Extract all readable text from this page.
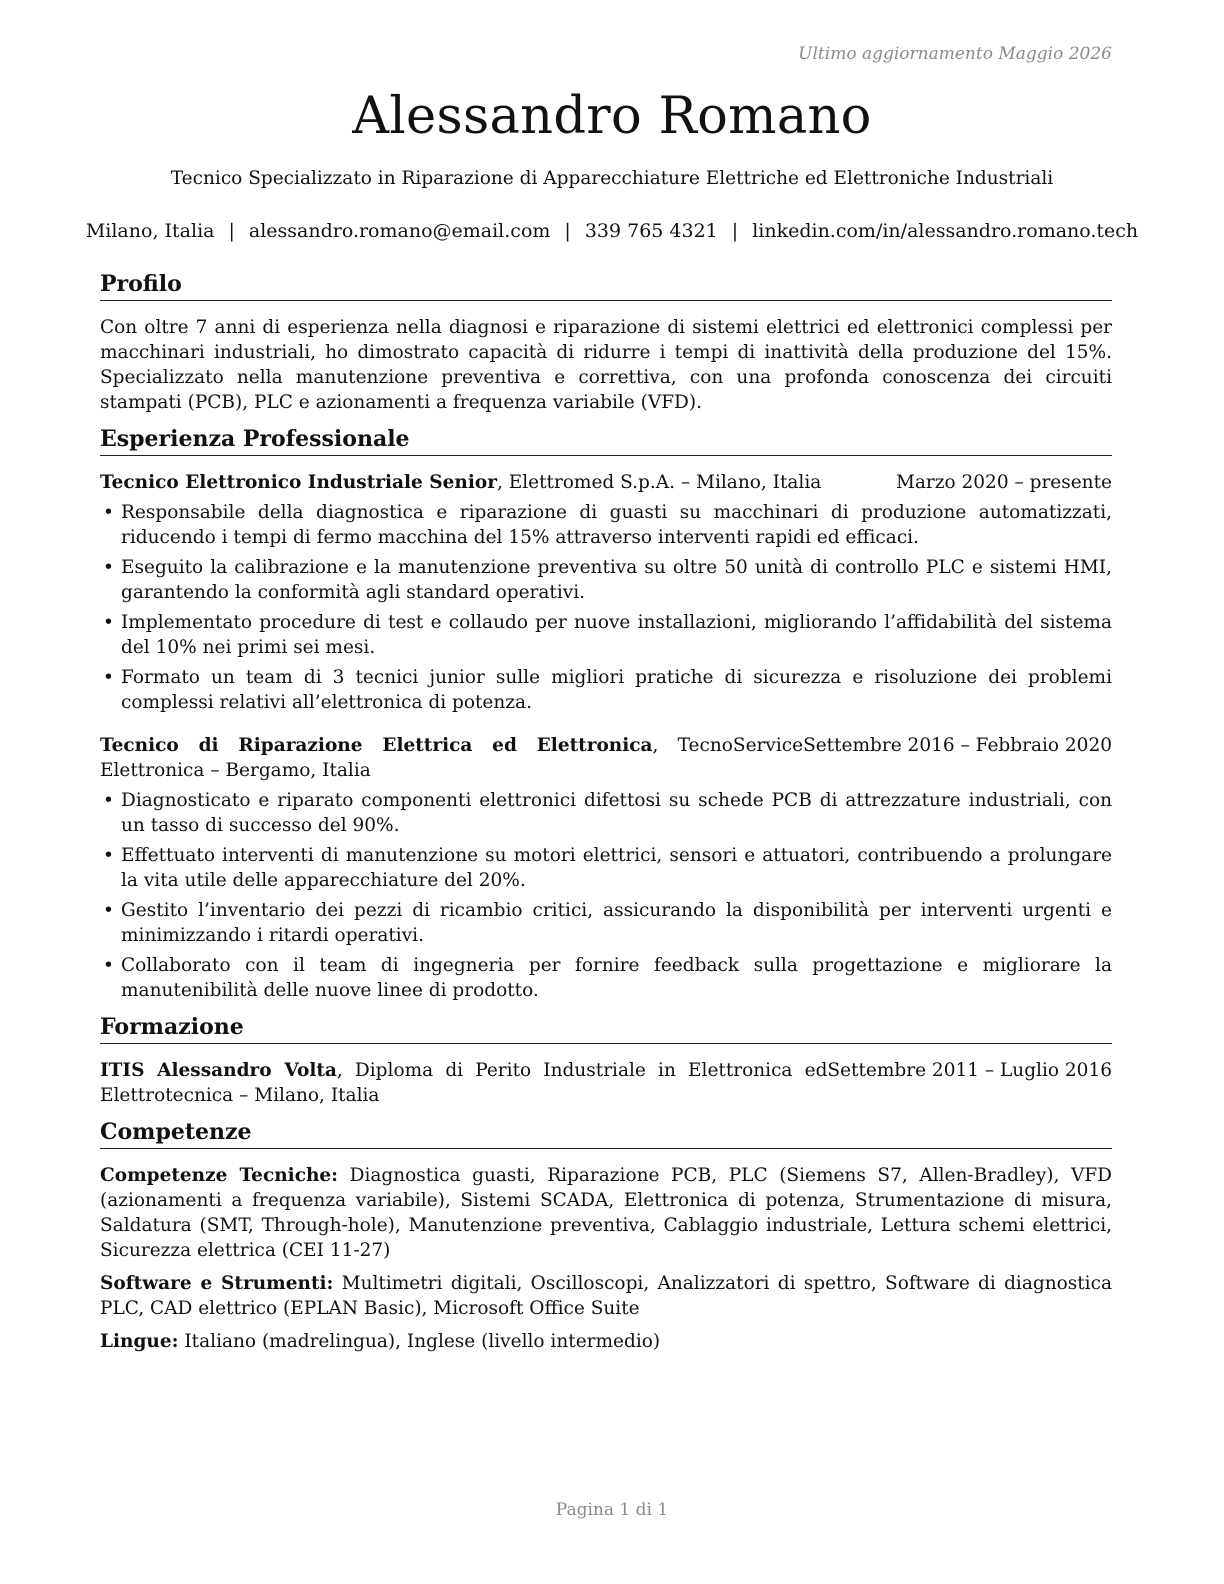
Ultimo aggiornamento Maggio 2026
Alessandro Romano
Tecnico Specializzato in Riparazione di Apparecchiature Elettriche ed Elettroniche Industriali
Milano, Italia | alessandro.romano@email.com | 339 765 4321 | linkedin.com/in/alessandro.romano.tech
Profilo

Con oltre 7 anni di esperienza nella diagnosi e riparazione di sistemi elettrici ed elettronici complessi per macchinari industriali, ho dimostrato capacità di ridurre i tempi di inattività della produzione del 15%. Specializzato nella manutenzione preventiva e correttiva, con una profonda conoscenza dei circuiti stampati (PCB), PLC e azionamenti a frequenza variabile (VFD).

Esperienza Professionale
Tecnico Elettronico Industriale Senior, Elettromed S.p.A. – Milano, Italia	Marzo 2020 – presente
• Responsabile della diagnostica e riparazione di guasti su macchinari di produzione automatizzati, riducendo i tempi di fermo macchina del 15% attraverso interventi rapidi ed efficaci.
• Eseguito la calibrazione e la manutenzione preventiva su oltre 50 unità di controllo PLC e sistemi HMI, garantendo la conformità agli standard operativi.
• Implementato procedure di test e collaudo per nuove installazioni, migliorando l’affidabilità del sistema del 10% nei primi sei mesi.
• Formato un team di 3 tecnici junior sulle migliori pratiche di sicurezza e risoluzione dei problemi complessi relativi all’elettronica di potenza.
Tecnico di Riparazione Elettrica ed Elettronica, TecnoService Elettronica – Bergamo, Italia
Settembre 2016 – Febbraio 2020
• Diagnosticato e riparato componenti elettronici difettosi su schede PCB di attrezzature industriali, con un tasso di successo del 90%.
• Effettuato interventi di manutenzione su motori elettrici, sensori e attuatori, contribuendo a prolungare la vita utile delle apparecchiature del 20%.
• Gestito l’inventario dei pezzi di ricambio critici, assicurando la disponibilità per interventi urgenti e minimizzando i ritardi operativi.
• Collaborato con il team di ingegneria per fornire feedback sulla progettazione e migliorare la manutenibilità delle nuove linee di prodotto.
Formazione
ITIS Alessandro Volta, Diploma di Perito Industriale in Elettronica ed Elettrotecnica – Milano, Italia
Settembre 2011 – Luglio 2016
Competenze
Competenze Tecniche: Diagnostica guasti, Riparazione PCB, PLC (Siemens S7, Allen-Bradley), VFD (azionamenti a frequenza variabile), Sistemi SCADA, Elettronica di potenza, Strumentazione di misura, Saldatura (SMT, Through-hole), Manutenzione preventiva, Cablaggio industriale, Lettura schemi elettrici, Sicurezza elettrica (CEI 11-27)
Software e Strumenti: Multimetri digitali, Oscilloscopi, Analizzatori di spettro, Software di diagnostica PLC, CAD elettrico (EPLAN Basic), Microsoft Office Suite
Lingue: Italiano (madrelingua), Inglese (livello intermedio)
Pagina 1 di 1
